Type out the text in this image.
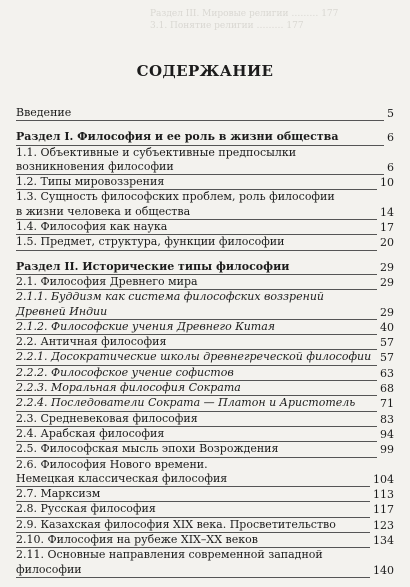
Раздел III. Мировые религии ……… 177
3.1. Понятие религии ……… 177
СОДЕРЖАНИЕ
Введение	5
Раздел I. Философия и ее роль в жизни общества	6
1.1. Объективные и субъективные предпосылки
возникновения философии	6
1.2. Типы мировоззрения	10
1.3. Сущность философских проблем, роль философии
в жизни человека и общества	14
1.4. Философия как наука	17
1.5. Предмет, структура, функции философии	20
Раздел II. Исторические типы философии	29
2.1. Философия Древнего мира	29
2.1.1. Буддизм как система философских воззрений
Древней Индии	29
2.1.2. Философские учения Древнего Китая	40
2.2. Античная философия	57
2.2.1. Досократические школы древнегреческой философии 57
2.2.2. Философское учение софистов	63
2.2.3. Моральная философия Сократа	68
2.2.4. Последователи Сократа — Платон и Аристотель	71
2.3. Средневековая философия	83
2.4. Арабская философия	94
2.5. Философская мысль эпохи Возрождения	99
2.6. Философия Нового времени.
Немецкая классическая философия	104
2.7. Марксизм	113
2.8. Русская философия	117
2.9. Казахская философия XIX века. Просветительство	123
2.10. Философия на рубеже XIX–XX веков	134
2.11. Основные направления современной западной
философии	140
